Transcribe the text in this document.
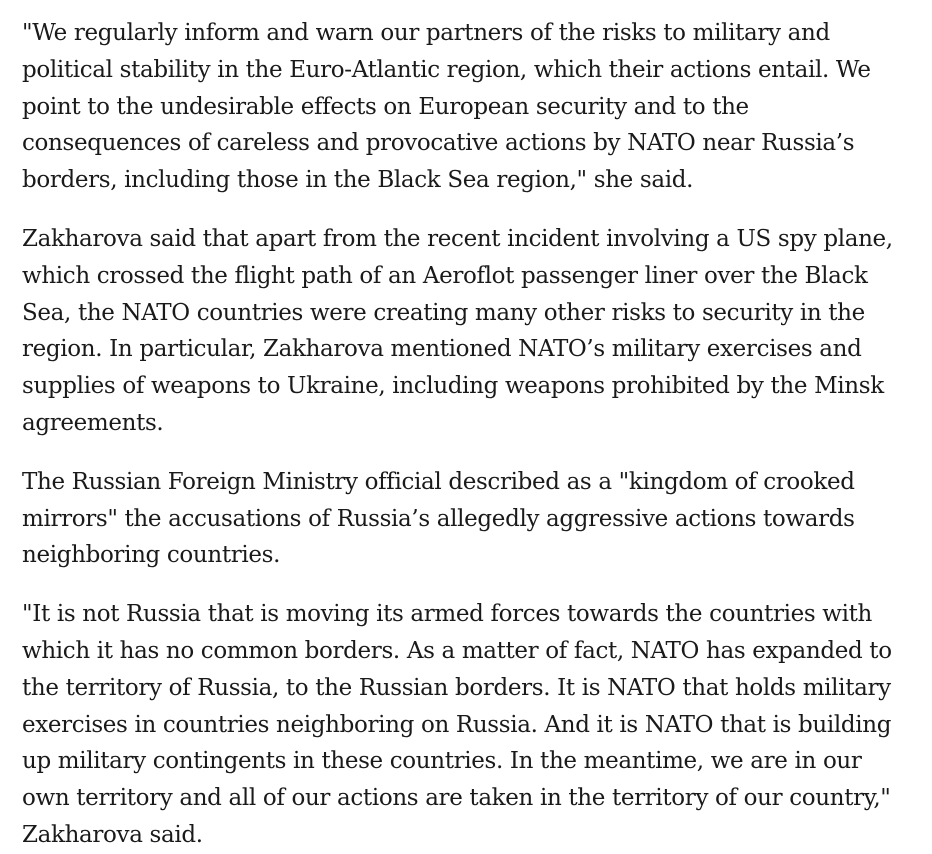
"We regularly inform and warn our partners of the risks to military and political stability in the Euro-Atlantic region, which their actions entail. We point to the undesirable effects on European security and to the consequences of careless and provocative actions by NATO near Russia’s borders, including those in the Black Sea region," she said.

Zakharova said that apart from the recent incident involving a US spy plane, which crossed the flight path of an Aeroflot passenger liner over the Black Sea, the NATO countries were creating many other risks to security in the region. In particular, Zakharova mentioned NATO’s military exercises and supplies of weapons to Ukraine, including weapons prohibited by the Minsk agreements.

The Russian Foreign Ministry official described as a "kingdom of crooked mirrors" the accusations of Russia’s allegedly aggressive actions towards neighboring countries.

"It is not Russia that is moving its armed forces towards the countries with which it has no common borders. As a matter of fact, NATO has expanded to the territory of Russia, to the Russian borders. It is NATO that holds military exercises in countries neighboring on Russia. And it is NATO that is building up military contingents in these countries. In the meantime, we are in our own territory and all of our actions are taken in the territory of our country," Zakharova said.
